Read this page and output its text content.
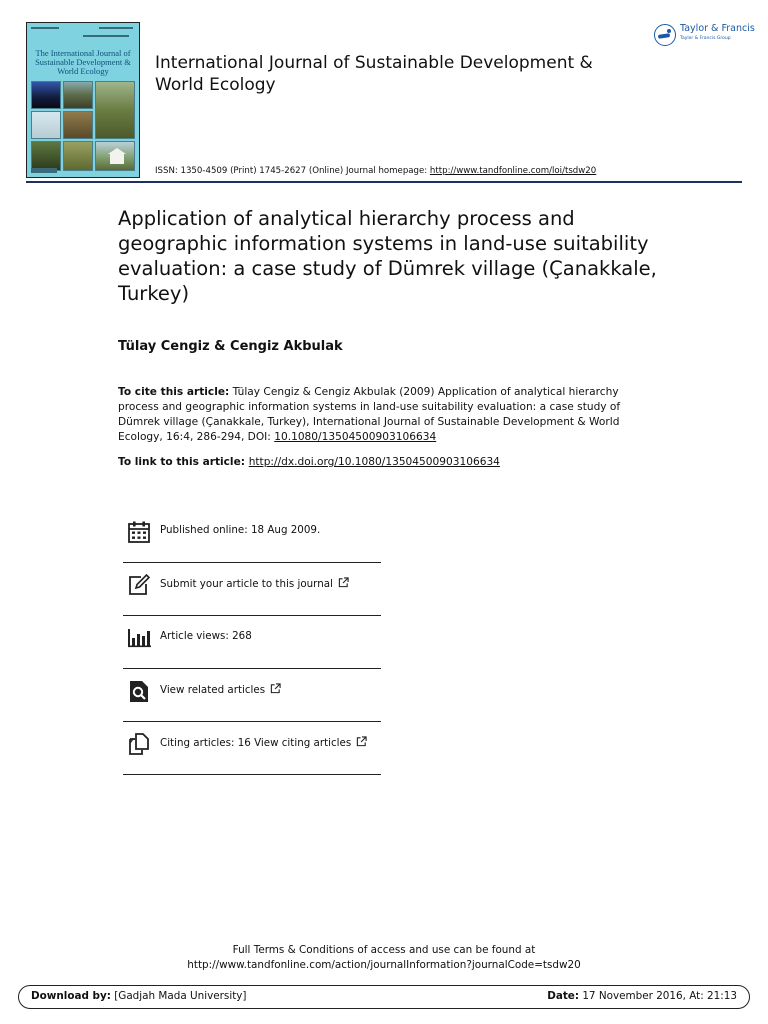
The International Journal of Sustainable Development & World Ecology	International Journal of Sustainable Development & World Ecology
Taylor & Francis
Taylor & Francis Group
ISSN: 1350-4509 (Print) 1745-2627 (Online) Journal homepage: http://www.tandfonline.com/loi/tsdw20
Application of analytical hierarchy process and geographic information systems in land-use suitability evaluation: a case study of Dümrek village (Çanakkale, Turkey)
Tülay Cengiz & Cengiz Akbulak
To cite this article: Tülay Cengiz & Cengiz Akbulak (2009) Application of analytical hierarchy process and geographic information systems in land-use suitability evaluation: a case study of Dümrek village (Çanakkale, Turkey), International Journal of Sustainable Development & World Ecology, 16:4, 286-294, DOI: 10.1080/13504500903106634
To link to this article: http://dx.doi.org/10.1080/13504500903106634
Published online: 18 Aug 2009.
Submit your article to this journal
Article views: 268
View related articles
Citing articles: 16 View citing articles
Full Terms & Conditions of access and use can be found at
http://www.tandfonline.com/action/journalInformation?journalCode=tsdw20
Download by: [Gadjah Mada University]	Date: 17 November 2016, At: 21:13
